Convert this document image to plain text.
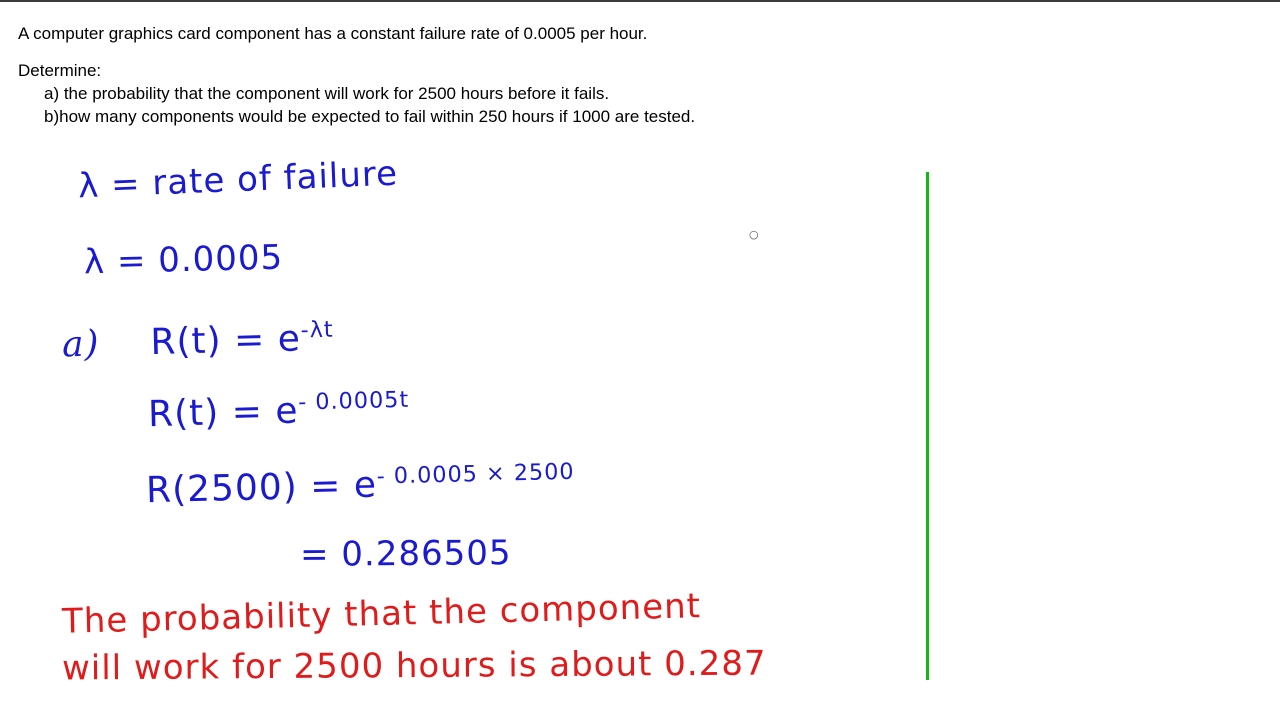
A computer graphics card component has a constant failure rate of 0.0005 per hour.

Determine:

a) the probability that the component will work for 2500 hours before it fails.

b)how many components would be expected to fail within 250 hours if 1000 are tested.

λ = rate of failure
λ = 0.0005
a) $R(t) = e^{-\lambda t}$
$R(t) = e^{- 0.0005t}$
$R(2500) = e^{- 0.0005 \times 2500}$
= 0.286505
The probability that the component
will work for 2500 hours is about 0.287
○
